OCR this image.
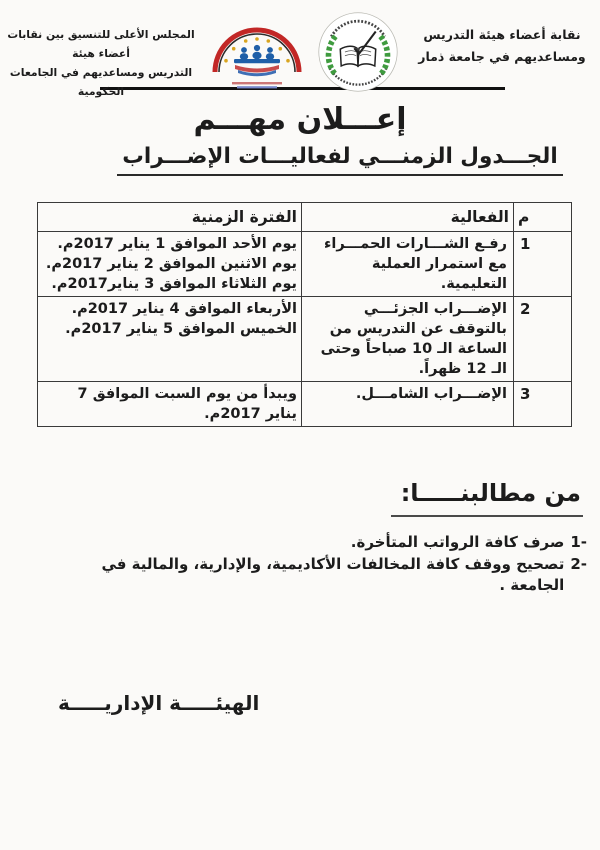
نقابة أعضاء هيئة التدريس
ومساعديهم في جامعة ذمار
المجلس الأعلى للتنسيق بين نقابات أعضاء هيئة
التدريس ومساعديهم في الجامعات الحكومية
إعـــلان مهـــم
الجـــدول الزمنـــي لفعاليـــات الإضـــراب
م	الفعالية	الفترة الزمنية
1	رفـع الشـــارات الحمـــراء مع استمرار العملية التعليمية.	يوم الأحد الموافق 1 يناير 2017م.
يوم الاثنين الموافق 2 يناير 2017م.
يوم الثلاثاء الموافق 3 يناير2017م.

2	الإضـــراب الجزئـــي بالتوقف عن التدريس من الساعة الـ 10 صباحاً وحتى الـ 12 ظهراً.	الأربعاء الموافق 4 يناير 2017م.
الخميس الموافق 5 يناير 2017م.

3	الإضـــراب الشامـــل.	ويبدأ من يوم السبت الموافق 7 يناير 2017م.
من مطالبنـــــا:
1-
صرف كافة الرواتب المتأخرة.
2-
تصحيح ووقف كافة المخالفات الأكاديمية، والإدارية، والمالية في الجامعة .
الهيئـــــة الإداريـــــة
